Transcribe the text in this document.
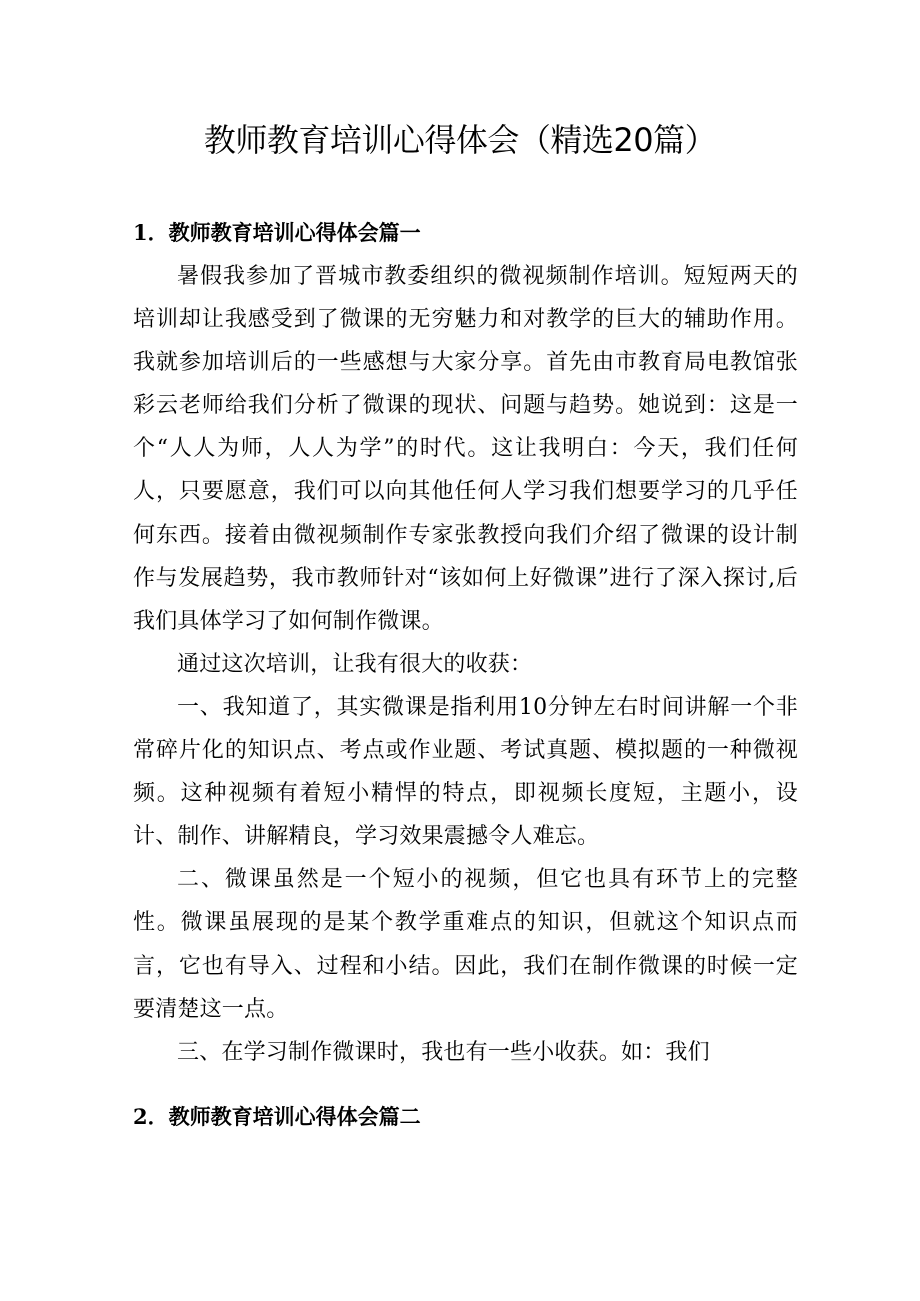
教师教育培训心得体会（精选20篇）
1．教师教育培训心得体会篇一

暑假我参加了晋城市教委组织的微视频制作培训。短短两天的培训却让我感受到了微课的无穷魅力和对教学的巨大的辅助作用。我就参加培训后的一些感想与大家分享。首先由市教育局电教馆张彩云老师给我们分析了微课的现状、问题与趋势。她说到：这是一个“人人为师，人人为学”的时代。这让我明白：今天，我们任何人，只要愿意，我们可以向其他任何人学习我们想要学习的几乎任何东西。接着由微视频制作专家张教授向我们介绍了微课的设计制作与发展趋势，我市教师针对“该如何上好微课”进行了深入探讨,后我们具体学习了如何制作微课。

通过这次培训，让我有很大的收获：

一、我知道了，其实微课是指利用10分钟左右时间讲解一个非常碎片化的知识点、考点或作业题、考试真题、模拟题的一种微视频。这种视频有着短小精悍的特点，即视频长度短，主题小，设计、制作、讲解精良，学习效果震撼令人难忘。

二、微课虽然是一个短小的视频，但它也具有环节上的完整性。微课虽展现的是某个教学重难点的知识，但就这个知识点而言，它也有导入、过程和小结。因此，我们在制作微课的时候一定要清楚这一点。

三、在学习制作微课时，我也有一些小收获。如：我们

2．教师教育培训心得体会篇二
